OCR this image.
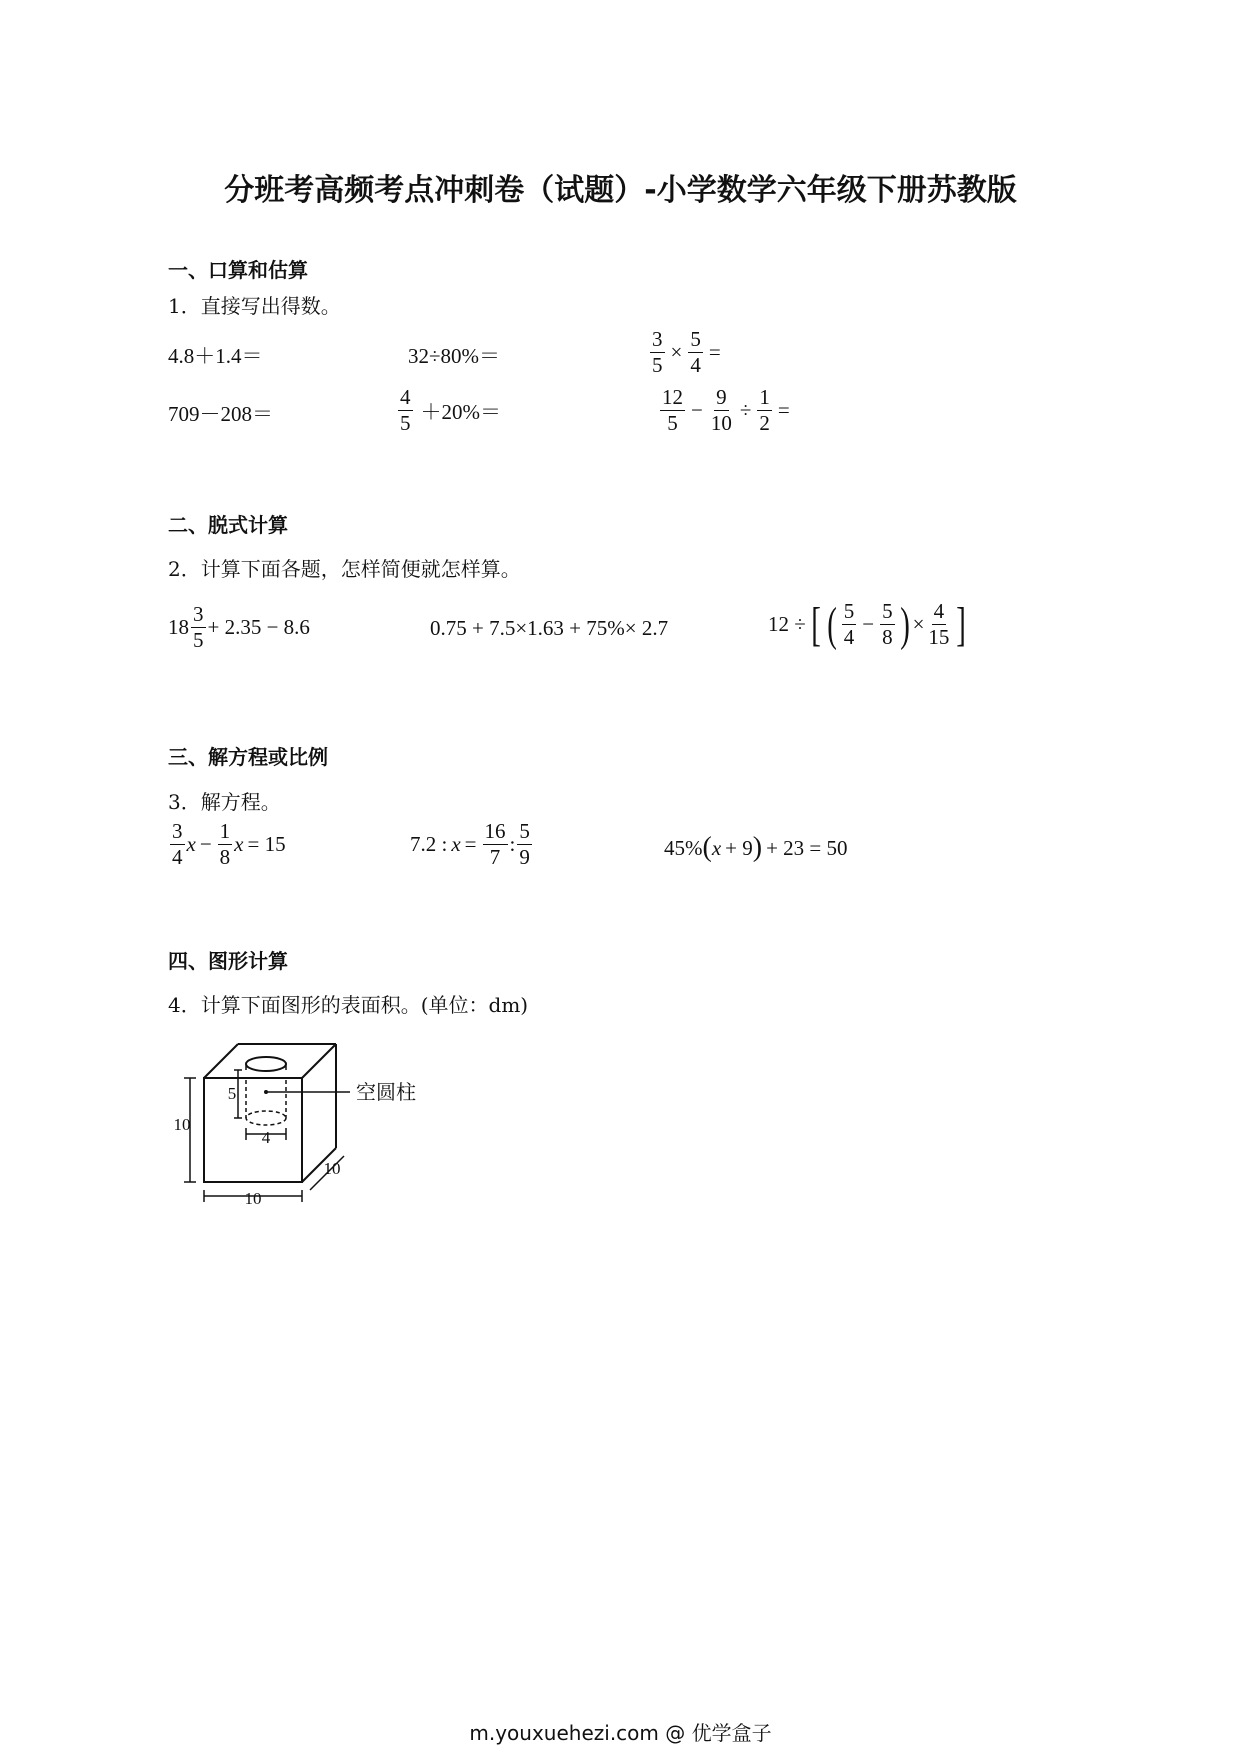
分班考高频考点冲刺卷（试题）-小学数学六年级下册苏教版
一、口算和估算
1．直接写出得数。
4.8＋1.4＝	32÷80%＝	$\frac{3}{5} \times \frac{5}{4}$ =
709－208＝	$\frac{4}{5} +20\%=$	$\frac{12}{5} - \frac{9}{10} \div \frac{1}{2}$ =
二、脱式计算
2．计算下面各题，怎样简便就怎样算。
$18 \frac{3}{5} + 2.35 - 8.6$	0.75 + 7.5×1.63 + 75%× 2.7	12 ÷ [ ( $\frac{5}{4} - \frac{5}{8}$ ) × $\frac{4}{15}$ ]
三、解方程或比例
3．解方程。
$\frac{3}{4}$ $x - \frac{1}{8}$ x = 15	7.2 : $x = \frac{16}{7}$ : $\frac{5}{9}$	45% ( x + 9 ) + 23 = 50
四、图形计算
4．计算下面图形的表面积。(单位：dm)
10
10
10
5
4
空圆柱
m.youxuehezi.com @ 优学盒子
